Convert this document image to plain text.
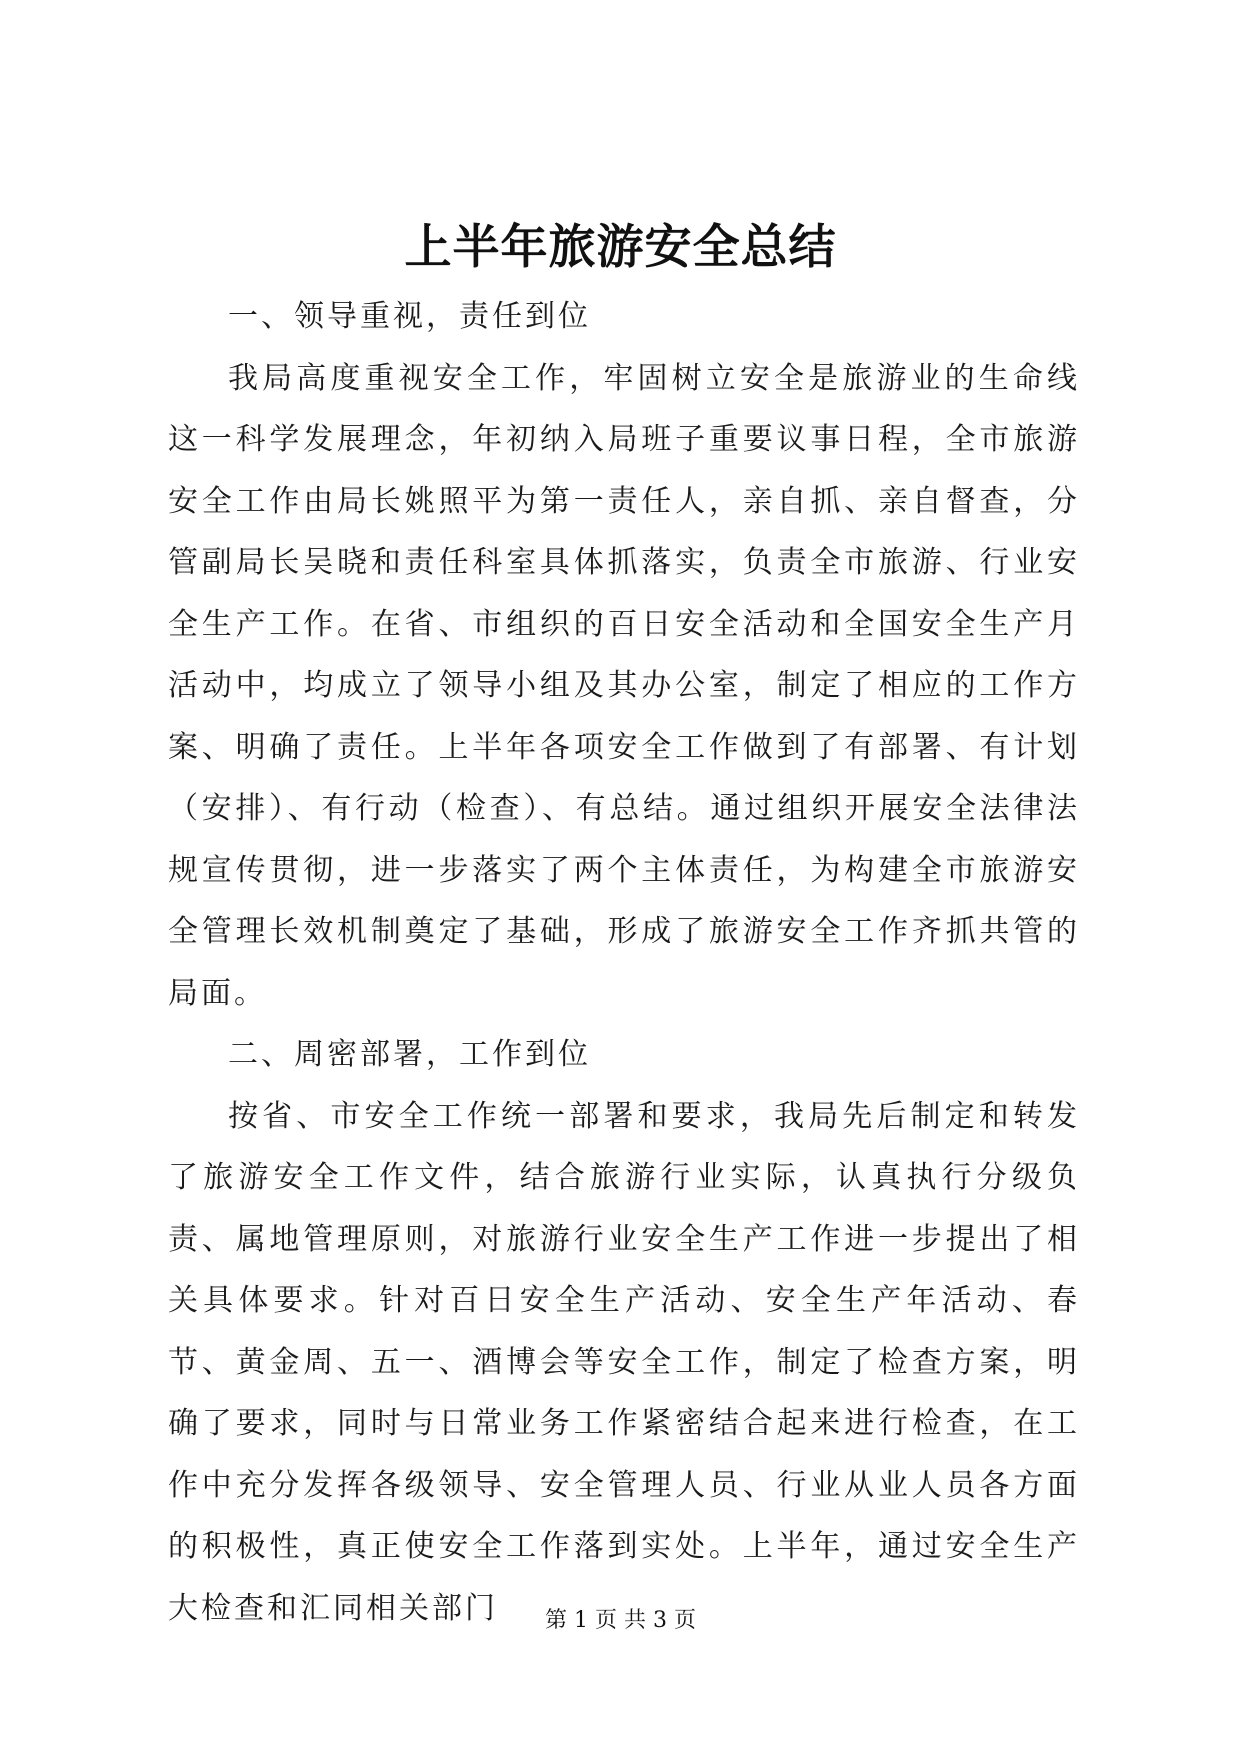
上半年旅游安全总结

一、领导重视，责任到位

我局高度重视安全工作，牢固树立安全是旅游业的生命线这一科学发展理念，年初纳入局班子重要议事日程，全市旅游安全工作由局长姚照平为第一责任人，亲自抓、亲自督查，分管副局长吴晓和责任科室具体抓落实，负责全市旅游、行业安全生产工作。在省、市组织的百日安全活动和全国安全生产月活动中，均成立了领导小组及其办公室，制定了相应的工作方案、明确了责任。上半年各项安全工作做到了有部署、有计划（安排）、有行动（检查）、有总结。通过组织开展安全法律法规宣传贯彻，进一步落实了两个主体责任，为构建全市旅游安全管理长效机制奠定了基础，形成了旅游安全工作齐抓共管的局面。

二、周密部署，工作到位

按省、市安全工作统一部署和要求，我局先后制定和转发了旅游安全工作文件，结合旅游行业实际，认真执行分级负责、属地管理原则，对旅游行业安全生产工作进一步提出了相关具体要求。针对百日安全生产活动、安全生产年活动、春节、黄金周、五一、酒博会等安全工作，制定了检查方案，明确了要求，同时与日常业务工作紧密结合起来进行检查，在工作中充分发挥各级领导、安全管理人员、行业从业人员各方面的积极性，真正使安全工作落到实处。上半年，通过安全生产大检查和汇同相关部门	第 1 页 共 3 页
